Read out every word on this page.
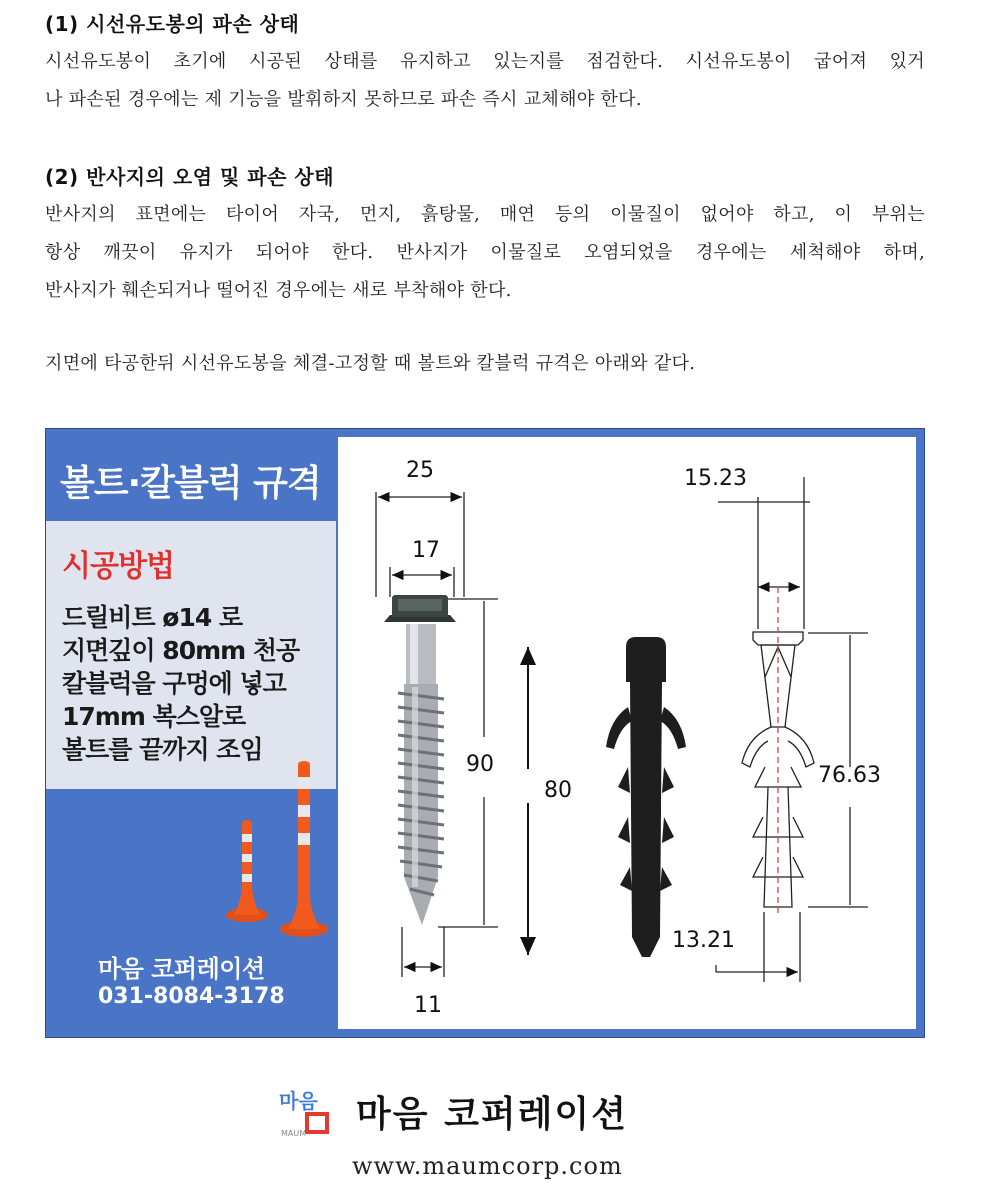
(1) 시선유도봉의 파손 상태
시선유도봉이 초기에 시공된 상태를 유지하고 있는지를 점검한다. 시선유도봉이 굽어져 있거
나 파손된 경우에는 제 기능을 발휘하지 못하므로 파손 즉시 교체해야 한다.
(2) 반사지의 오염 및 파손 상태
반사지의 표면에는 타이어 자국, 먼지, 흙탕물, 매연 등의 이물질이 없어야 하고, 이 부위는
항상 깨끗이 유지가 되어야 한다. 반사지가 이물질로 오염되었을 경우에는 세척해야 하며,
반사지가 훼손되거나 떨어진 경우에는 새로 부착해야 한다.
지면에 타공한뒤 시선유도봉을 체결-고정할 때 볼트와 칼블럭 규격은 아래와 같다.
볼트·칼블럭 규격
시공방법
드릴비트 ø14 로
지면깊이 80mm 천공
칼블럭을 구멍에 넣고
17mm 복스알로
볼트를 끝까지 조임
마음 코퍼레이션
031-8084-3178
25
17
90
11
80
15.23
76.63
13.21
마음
MAUM 마음 코퍼레이션
www.maumcorp.com
